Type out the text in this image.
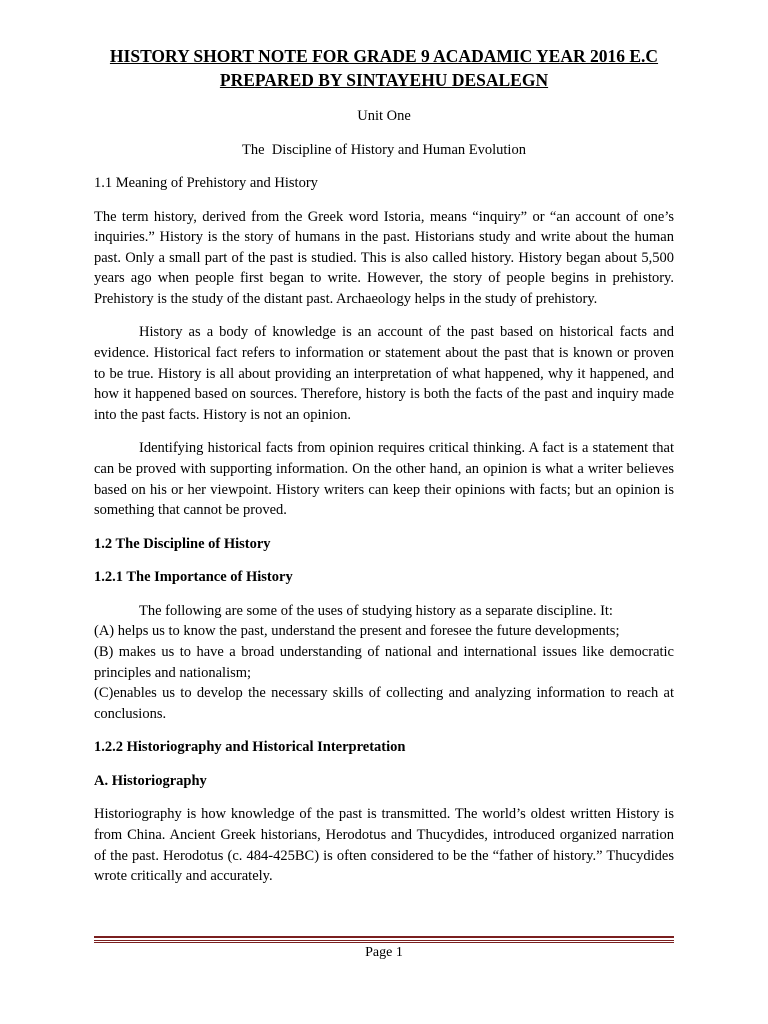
HISTORY SHORT NOTE FOR GRADE 9 ACADAMIC YEAR 2016 E.C
PREPARED BY SINTAYEHU DESALEGN
Unit One
The  Discipline of History and Human Evolution
1.1 Meaning of Prehistory and History

The term history, derived from the Greek word Istoria, means “inquiry” or “an account of one’s inquiries.” History is the story of humans in the past. Historians study and write about the human past. Only a small part of the past is studied. This is also called history. History began about 5,500 years ago when people first began to write. However, the story of people begins in prehistory. Prehistory is the study of the distant past. Archaeology helps in the study of prehistory.

History as a body of knowledge is an account of the past based on historical facts and evidence. Historical fact refers to information or statement about the past that is known or proven to be true. History is all about providing an interpretation of what happened, why it happened, and how it happened based on sources. Therefore, history is both the facts of the past and inquiry made into the past facts. History is not an opinion.

Identifying historical facts from opinion requires critical thinking. A fact is a statement that can be proved with supporting information. On the other hand, an opinion is what a writer believes based on his or her viewpoint. History writers can keep their opinions with facts; but an opinion is something that cannot be proved.

1.2 The Discipline of History
1.2.1 The Importance of History
The following are some of the uses of studying history as a separate discipline. It:
(A) helps us to know the past, understand the present and foresee the future developments;
(B) makes us to have a broad understanding of national and international issues like democratic principles and nationalism;
(C)enables us to develop the necessary skills of collecting and analyzing information to reach at conclusions.
1.2.2 Historiography and Historical Interpretation
A. Historiography

Historiography is how knowledge of the past is transmitted. The world’s oldest written History is from China. Ancient Greek historians, Herodotus and Thucydides, introduced organized narration of the past. Herodotus (c. 484-425BC) is often considered to be the “father of history.” Thucydides wrote critically and accurately.

Page 1
